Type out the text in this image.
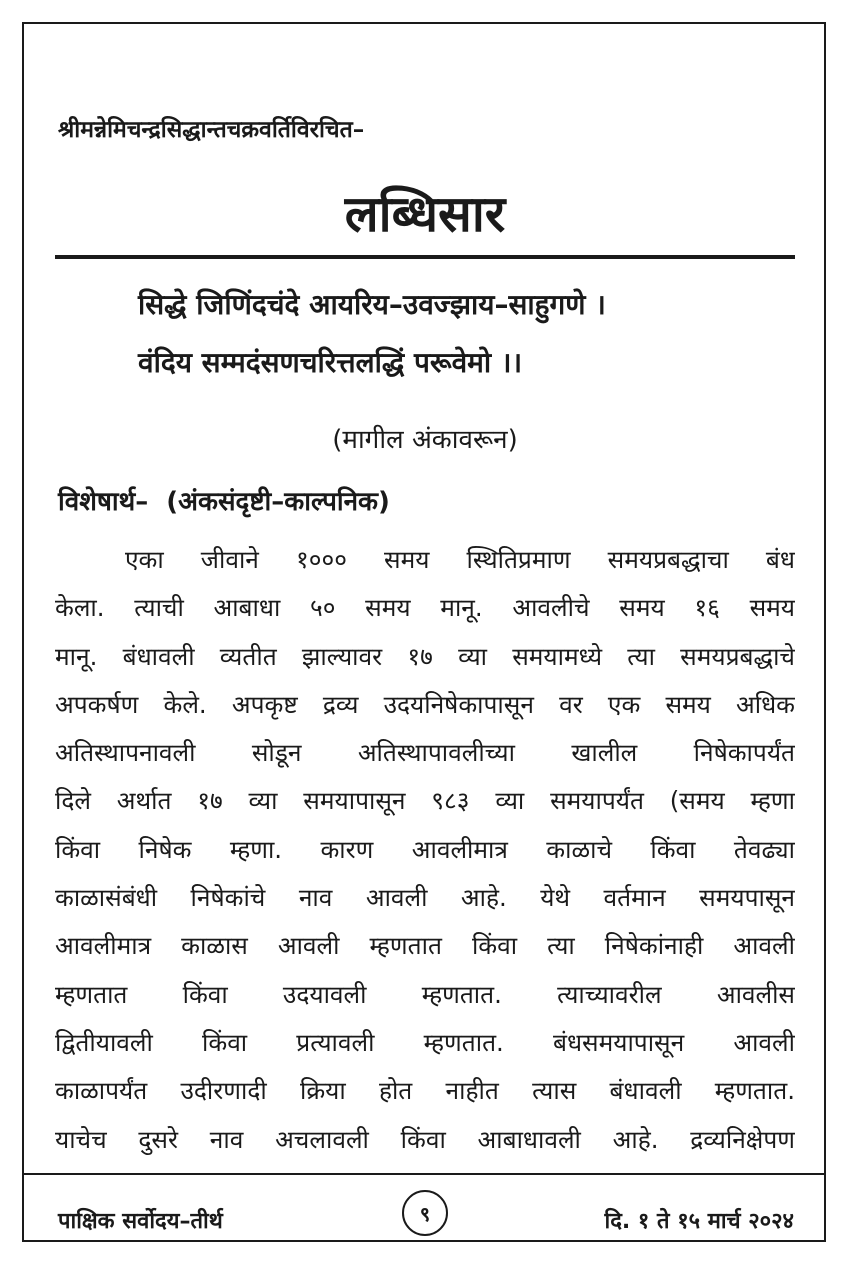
श्रीमन्नेमिचन्द्रसिद्धान्तचक्रवर्तिविरचित–
लब्धिसार
सिद्धे जिणिंदचंदे आयरिय–उवज्झाय–साहुगणे ।
वंदिय सम्मदंसणचरित्तलद्धिं परूवेमो ।।
(मागील अंकावरून)
विशेषार्थ– (अंकसंदृष्टी–काल्पनिक)
एका जीवाने १००० समय स्थितिप्रमाण समयप्रबद्धाचा बंध
केला. त्याची आबाधा ५० समय मानू. आवलीचे समय १६ समय
मानू. बंधावली व्यतीत झाल्यावर १७ व्या समयामध्ये त्या समयप्रबद्धाचे
अपकर्षण केले. अपकृष्ट द्रव्य उदयनिषेकापासून वर एक समय अधिक
अतिस्थापनावली सोडून अतिस्थापावलीच्या खालील निषेकापर्यंत
दिले अर्थात १७ व्या समयापासून ९८३ व्या समयापर्यंत (समय म्हणा
किंवा निषेक म्हणा. कारण आवलीमात्र काळाचे किंवा तेवढ्या
काळासंबंधी निषेकांचे नाव आवली आहे. येथे वर्तमान समयपासून
आवलीमात्र काळास आवली म्हणतात किंवा त्या निषेकांनाही आवली
म्हणतात किंवा उदयावली म्हणतात. त्याच्यावरील आवलीस
द्वितीयावली किंवा प्रत्यावली म्हणतात. बंधसमयापासून आवली
काळापर्यंत उदीरणादी क्रिया होत नाहीत त्यास बंधावली म्हणतात.
याचेच दुसरे नाव अचलावली किंवा आबाधावली आहे. द्रव्यनिक्षेपण
पाक्षिक सर्वोदय–तीर्थ	९	दि. १ ते १५ मार्च २०२४
